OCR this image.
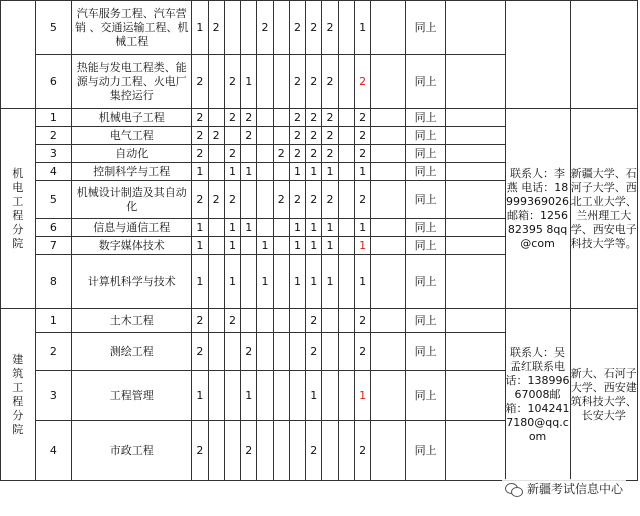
	5	汽车服务工程、汽车营销 、交通运输工程、机械工程	1	2			2		2	2	2		1		同上			
	6	热能与发电工程类、能源与动力工程、火电厂集控运行	2		2	1			2	2	2		2		同上			
机电工程分院	1	机械电子工程	2		2	2			2	2	2		2		同上		联系人：李燕 电话：18999369026 邮箱：125682395 8qq@com	新疆大学、石河子大学、西北工业大学、兰州理工大学、西安电子科技大学等。
	2	电气工程	2	2		2			2	2	2		2		同上			
	3	自动化	2		2			2	2	2	2		2		同上			
	4	控制科学与工程	1		1	1			1	1	1		1		同上			
	5	机械设计制造及其自动化	2	2	2			2	2	2	2		2		同上			
	6	信息与通信工程	1		1	1			1	1	1		1		同上			
	7	数字媒体技术	1		1		1		1	1	1		1		同上			
	8	计算机科学与技术	1		1		1		1	1	1		1		同上			
建筑工程分院	1	土木工程	2		2					2			2		同上		联系人：吴孟红联系电话：13899667008邮箱：1042417180@qq.com	新大、石河子大学、西安建筑科技大学、长安大学
	2	测绘工程	2			2				2			2		同上			
	3	工程管理	1			1				1			1		同上			
	4	市政工程	2			2				2			2		同上			
新疆考试信息中心
